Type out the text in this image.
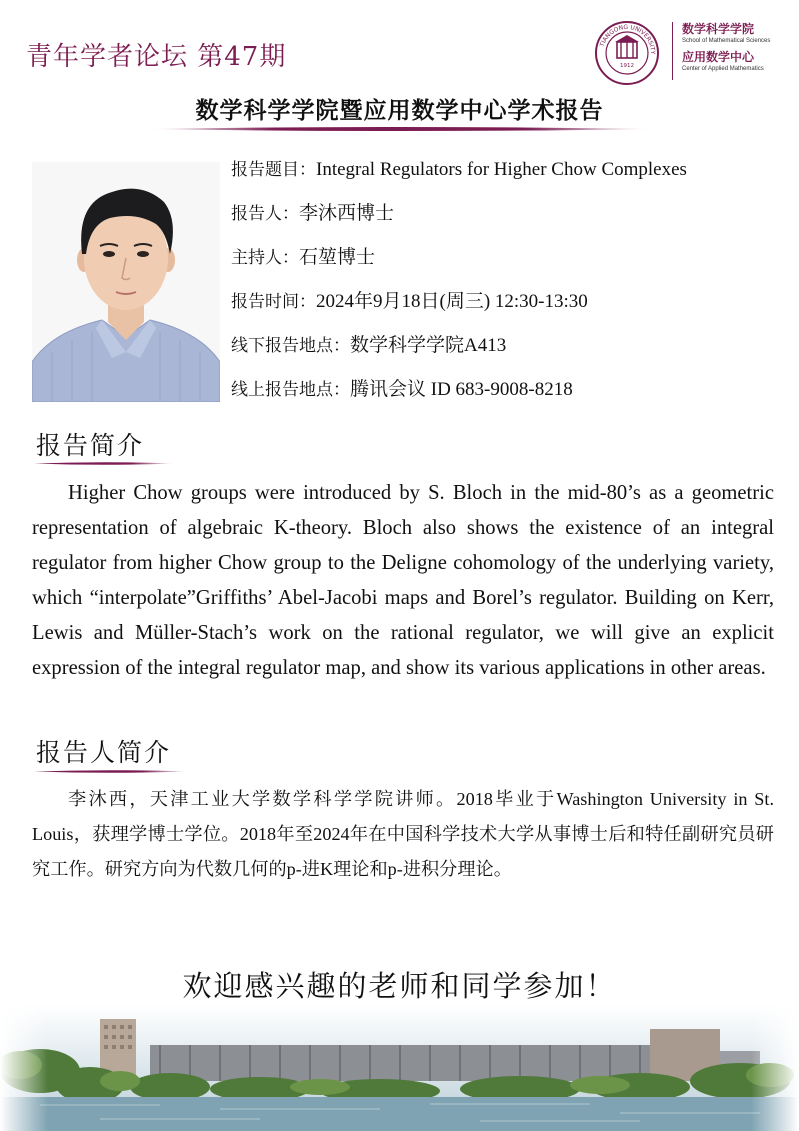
青年学者论坛 第47期	TIANGONG UNIVERSITY
1912
数学科学学院
School of Mathematical Sciences
应用数学中心
Center of Applied Mathematics
数学科学学院暨应用数学中心学术报告
报告题目：Integral Regulators for Higher Chow Complexes
报告人：李沐西博士
主持人：石堃博士
报告时间：2024年9月18日(周三) 12:30-13:30
线下报告地点：数学科学学院A413
线上报告地点：腾讯会议 ID 683-9008-8218
报告简介
Higher Chow groups were introduced by S. Bloch in the mid-80’s as a geometric representation of algebraic K-theory. Bloch also shows the existence of an integral regulator from higher Chow group to the Deligne cohomology of the underlying variety, which “interpolate”Griffiths’ Abel-Jacobi maps and Borel’s regulator. Building on Kerr, Lewis and Müller-Stach’s work on the rational regulator, we will give an explicit expression of the integral regulator map, and show its various applications in other areas.
报告人简介
李沐西，天津工业大学数学科学学院讲师。2018毕业于Washington University in St. Louis，获理学博士学位。2018年至2024年在中国科学技术大学从事博士后和特任副研究员研究工作。研究方向为代数几何的p-进K理论和p-进积分理论。
欢迎感兴趣的老师和同学参加！
